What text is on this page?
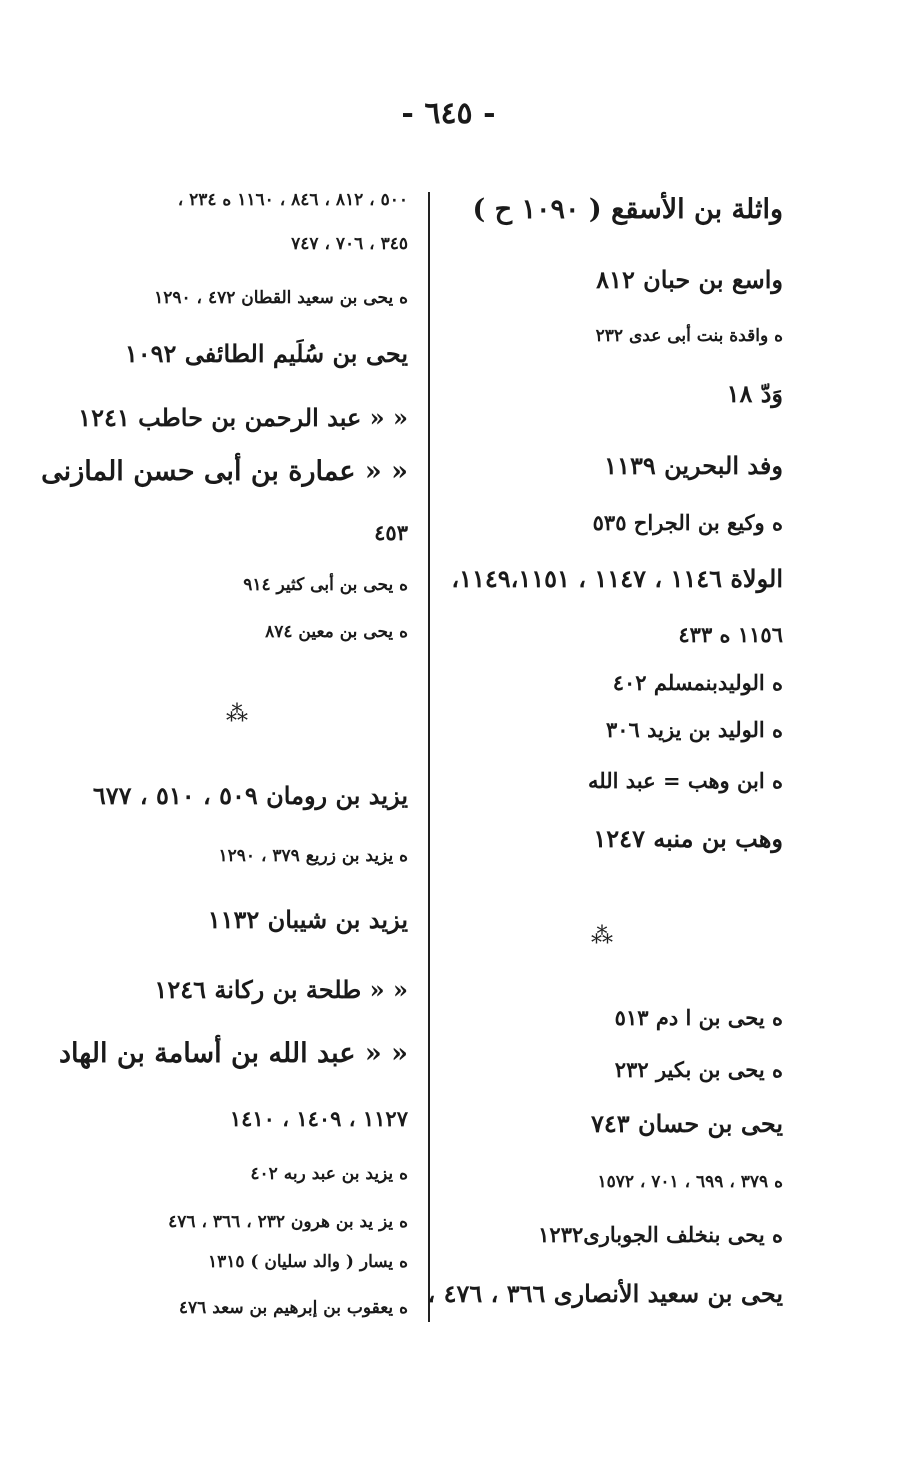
- ٦٤٥ -
واثلة بن الأسقع ( ١٠٩٠ ح )
واسع بن حبان ٨١٢
ه واقدة بنت أبى عدى ٢٣٢
وَدّ ١٨
وفد البحرين ١١٣٩
ه وكيع بن الجراح ٥٣٥
الولاة ١١٤٦ ، ١١٤٧ ، ١١٤٩،١١٥١،
١١٥٦ ه ٤٣٣
ه الوليدبنمسلم ٤٠٢
ه الوليد بن يزيد ٣٠٦
ه ابن وهب = عبد الله
وهب بن منبه ١٢٤٧
⁂
ه يحى بن ا دم ٥١٣
ه يحى بن بكير ٢٣٢
يحى بن حسان ٧٤٣
ه ٣٧٩ ، ٦٩٩ ، ٧٠١ ، ١٥٧٢
ه يحى بنخلف الجوبارى١٢٣٢
يحى بن سعيد الأنصارى ٣٦٦ ، ٤٧٦ ،
٥٠٠ ، ٨١٢ ، ٨٤٦ ، ١١٦٠ ه ٢٣٤ ،
٣٤٥ ، ٧٠٦ ، ٧٤٧
ه يحى بن سعيد القطان ٤٧٢ ، ١٢٩٠
يحى بن سُلَيم الطائفى ١٠٩٢
« « عبد الرحمن بن حاطب ١٢٤١
« « عمارة بن أبى حسن المازنى
٤٥٣
ه يحى بن أبى كثير ٩١٤
ه يحى بن معين ٨٧٤
⁂
يزيد بن رومان ٥٠٩ ، ٥١٠ ، ٦٧٧
ه يزيد بن زريع ٣٧٩ ، ١٢٩٠
يزيد بن شيبان ١١٣٢
« « طلحة بن ركانة ١٢٤٦
« « عبد الله بن أسامة بن الهاد
١١٢٧ ، ١٤٠٩ ، ١٤١٠
ه يزيد بن عبد ربه ٤٠٢
ه يز يد بن هرون ٢٣٢ ، ٣٦٦ ، ٤٧٦
ه يسار ( والد سليان ) ١٣١٥
ه يعقوب بن إبرهيم بن سعد ٤٧٦
